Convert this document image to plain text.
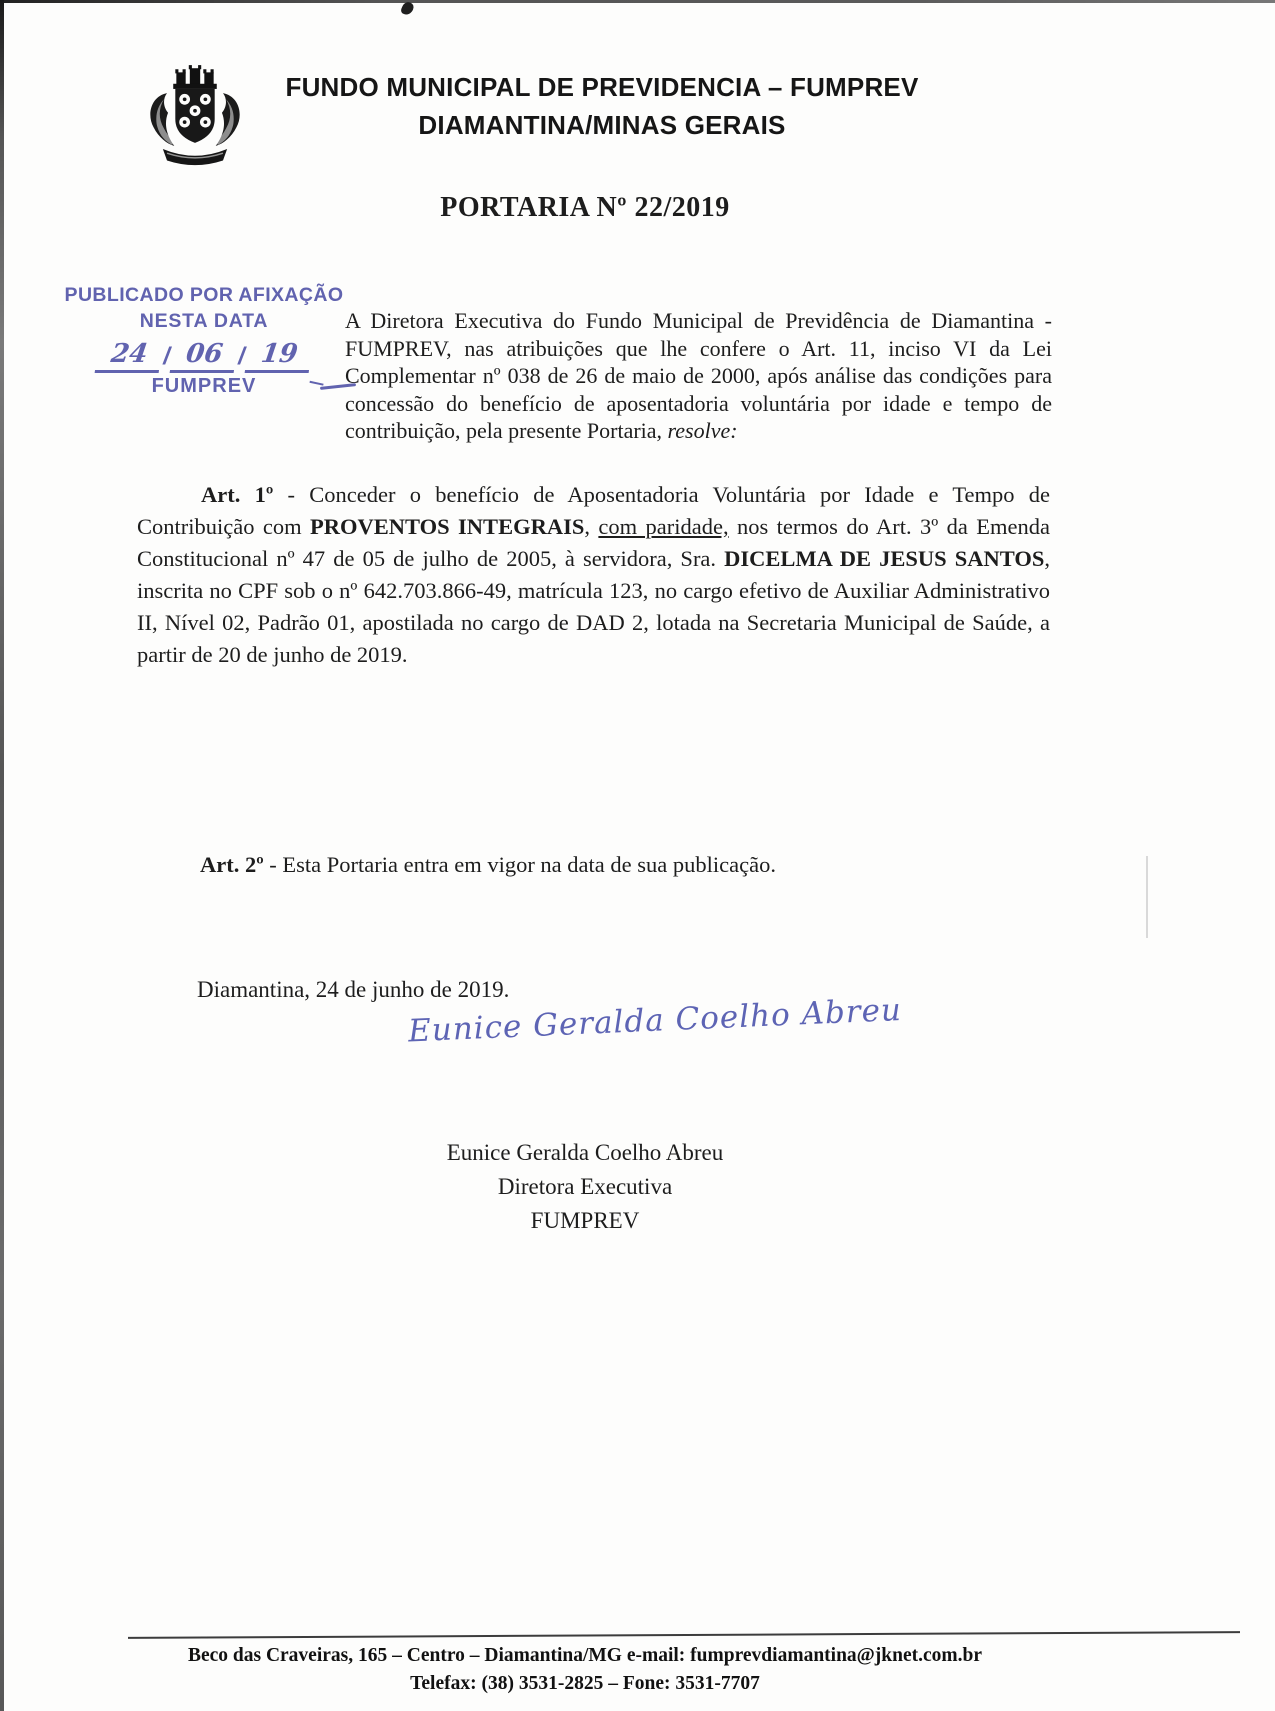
FUNDO MUNICIPAL DE PREVIDENCIA – FUMPREV
DIAMANTINA/MINAS GERAIS
PORTARIA Nº 22/2019
PUBLICADO POR AFIXAÇÃO
NESTA DATA
24 / 06 / 19
FUMPREV

A Diretora Executiva do Fundo Municipal de Previdência de Diamantina - FUMPREV, nas atribuições que lhe confere o Art. 11, inciso VI da Lei Complementar nº 038 de 26 de maio de 2000, após análise das condições para concessão do benefício de aposentadoria voluntária por idade e tempo de contribuição, pela presente Portaria, resolve:

Art. 1º - Conceder o benefício de Aposentadoria Voluntária por Idade e Tempo de Contribuição com PROVENTOS INTEGRAIS, com paridade, nos termos do Art. 3º da Emenda Constitucional nº 47 de 05 de julho de 2005, à servidora, Sra. DICELMA DE JESUS SANTOS, inscrita no CPF sob o nº 642.703.866-49, matrícula 123, no cargo efetivo de Auxiliar Administrativo II, Nível 02, Padrão 01, apostilada no cargo de DAD 2, lotada na Secretaria Municipal de Saúde, a partir de 20 de junho de 2019.

Art. 2º - Esta Portaria entra em vigor na data de sua publicação.

Diamantina, 24 de junho de 2019.

Eunice Geralda Coelho Abreu
Eunice Geralda Coelho Abreu
Diretora Executiva
FUMPREV
Beco das Craveiras, 165 – Centro – Diamantina/MG e-mail: fumprevdiamantina@jknet.com.br
Telefax: (38) 3531-2825 – Fone: 3531-7707
